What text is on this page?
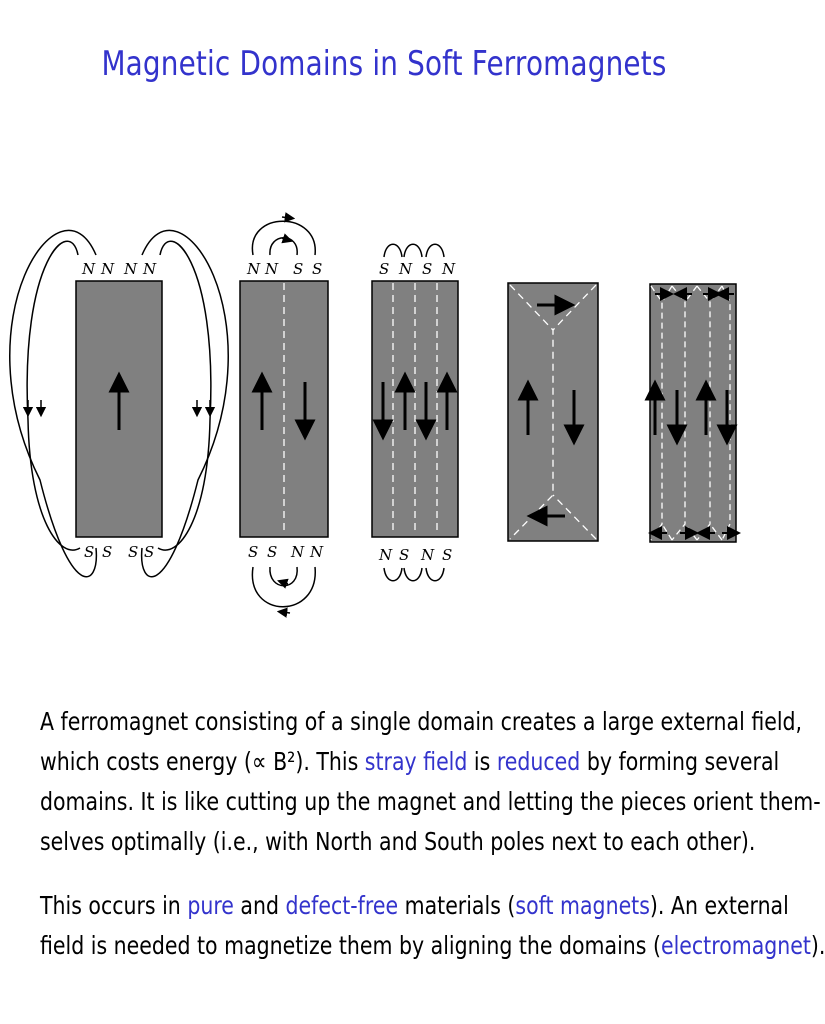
Magnetic Domains in Soft Ferromagnets
N N N N
S S S S
N N S S
S S N N
S N S N
N S N S
A ferromagnet consisting of a single domain creates a large external field,
which costs energy (∝ B²). This stray field is reduced by forming several
domains. It is like cutting up the magnet and letting the pieces orient them-
selves optimally (i.e., with North and South poles next to each other).
This occurs in pure and defect-free materials (soft magnets). An external
field is needed to magnetize them by aligning the domains (electromagnet).
